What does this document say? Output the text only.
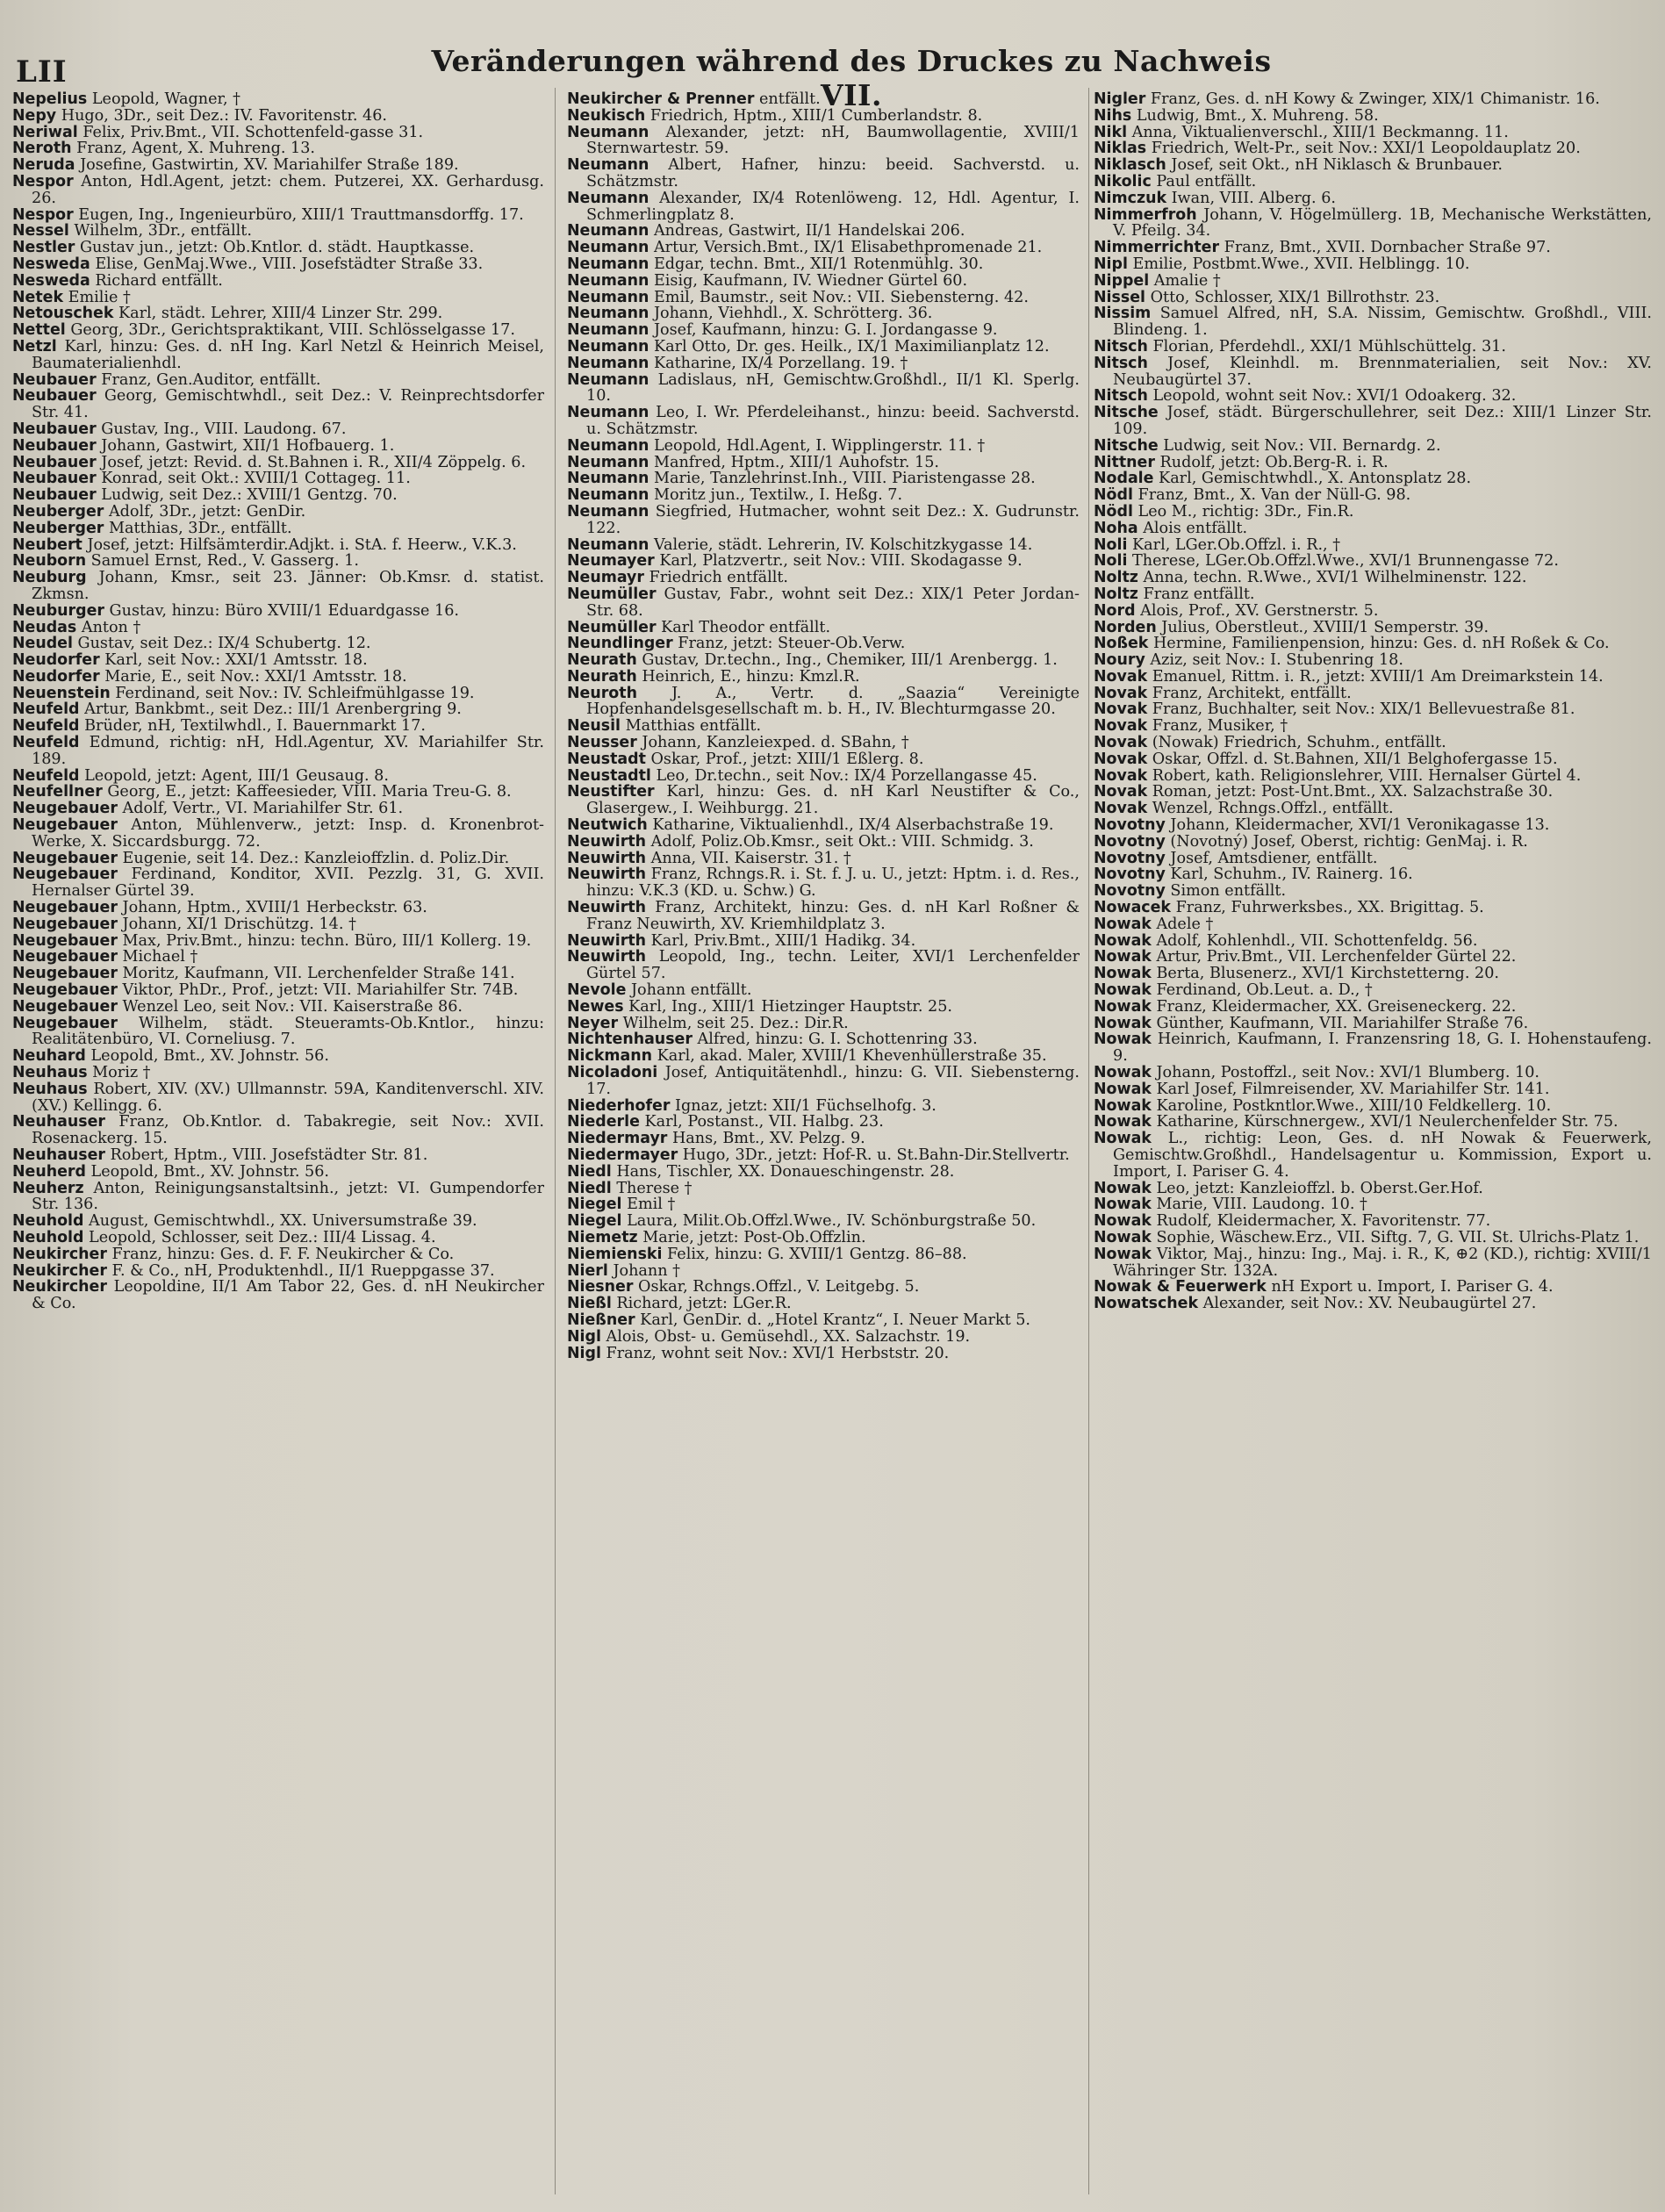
LII	Veränderungen während des Druckes zu Nachweis VII.

Nepelius Leopold, Wagner, †

Nepy Hugo, 3Dr., seit Dez.: IV. Favoritenstr. 46.

Neriwal Felix, Priv.Bmt., VII. Schottenfeld-gasse 31.

Neroth Franz, Agent, X. Muhreng. 13.

Neruda Josefine, Gastwirtin, XV. Mariahilfer Straße 189.

Nespor Anton, Hdl.Agent, jetzt: chem. Putzerei, XX. Gerhardusg. 26.

Nespor Eugen, Ing., Ingenieurbüro, XIII/1 Trauttmansdorffg. 17.

Nessel Wilhelm, 3Dr., entfällt.

Nestler Gustav jun., jetzt: Ob.Kntlor. d. städt. Hauptkasse.

Nesweda Elise, GenMaj.Wwe., VIII. Josefstädter Straße 33.

Nesweda Richard entfällt.

Netek Emilie †

Netouschek Karl, städt. Lehrer, XIII/4 Linzer Str. 299.

Nettel Georg, 3Dr., Gerichtspraktikant, VIII. Schlösselgasse 17.

Netzl Karl, hinzu: Ges. d. nH Ing. Karl Netzl & Heinrich Meisel, Baumaterialienhdl.

Neubauer Franz, Gen.Auditor, entfällt.

Neubauer Georg, Gemischtwhdl., seit Dez.: V. Reinprechtsdorfer Str. 41.

Neubauer Gustav, Ing., VIII. Laudong. 67.

Neubauer Johann, Gastwirt, XII/1 Hofbauerg. 1.

Neubauer Josef, jetzt: Revid. d. St.Bahnen i. R., XII/4 Zöppelg. 6.

Neubauer Konrad, seit Okt.: XVIII/1 Cottageg. 11.

Neubauer Ludwig, seit Dez.: XVIII/1 Gentzg. 70.

Neuberger Adolf, 3Dr., jetzt: GenDir.

Neuberger Matthias, 3Dr., entfällt.

Neubert Josef, jetzt: Hilfsämterdir.Adjkt. i. StA. f. Heerw., V.K.3.

Neuborn Samuel Ernst, Red., V. Gasserg. 1.

Neuburg Johann, Kmsr., seit 23. Jänner: Ob.Kmsr. d. statist. Zkmsn.

Neuburger Gustav, hinzu: Büro XVIII/1 Eduardgasse 16.

Neudas Anton †

Neudel Gustav, seit Dez.: IX/4 Schubertg. 12.

Neudorfer Karl, seit Nov.: XXI/1 Amtsstr. 18.

Neudorfer Marie, E., seit Nov.: XXI/1 Amtsstr. 18.

Neuenstein Ferdinand, seit Nov.: IV. Schleifmühlgasse 19.

Neufeld Artur, Bankbmt., seit Dez.: III/1 Arenbergring 9.

Neufeld Brüder, nH, Textilwhdl., I. Bauernmarkt 17.

Neufeld Edmund, richtig: nH, Hdl.Agentur, XV. Mariahilfer Str. 189.

Neufeld Leopold, jetzt: Agent, III/1 Geusaug. 8.

Neufellner Georg, E., jetzt: Kaffeesieder, VIII. Maria Treu-G. 8.

Neugebauer Adolf, Vertr., VI. Mariahilfer Str. 61.

Neugebauer Anton, Mühlenverw., jetzt: Insp. d. Kronenbrot-Werke, X. Siccardsburgg. 72.

Neugebauer Eugenie, seit 14. Dez.: Kanzleioffzlin. d. Poliz.Dir.

Neugebauer Ferdinand, Konditor, XVII. Pezzlg. 31, G. XVII. Hernalser Gürtel 39.

Neugebauer Johann, Hptm., XVIII/1 Herbeckstr. 63.

Neugebauer Johann, XI/1 Drischützg. 14. †

Neugebauer Max, Priv.Bmt., hinzu: techn. Büro, III/1 Kollerg. 19.

Neugebauer Michael †

Neugebauer Moritz, Kaufmann, VII. Lerchenfelder Straße 141.

Neugebauer Viktor, PhDr., Prof., jetzt: VII. Mariahilfer Str. 74B.

Neugebauer Wenzel Leo, seit Nov.: VII. Kaiserstraße 86.

Neugebauer Wilhelm, städt. Steueramts-Ob.Kntlor., hinzu: Realitätenbüro, VI. Corneliusg. 7.

Neuhard Leopold, Bmt., XV. Johnstr. 56.

Neuhaus Moriz †

Neuhaus Robert, XIV. (XV.) Ullmannstr. 59A, Kanditenverschl. XIV. (XV.) Kellingg. 6.

Neuhauser Franz, Ob.Kntlor. d. Tabakregie, seit Nov.: XVII. Rosenackerg. 15.

Neuhauser Robert, Hptm., VIII. Josefstädter Str. 81.

Neuherd Leopold, Bmt., XV. Johnstr. 56.

Neuherz Anton, Reinigungsanstaltsinh., jetzt: VI. Gumpendorfer Str. 136.

Neuhold August, Gemischtwhdl., XX. Universumstraße 39.

Neuhold Leopold, Schlosser, seit Dez.: III/4 Lissag. 4.

Neukircher Franz, hinzu: Ges. d. F. F. Neukircher & Co.

Neukircher F. & Co., nH, Produktenhdl., II/1 Rueppgasse 37.

Neukircher Leopoldine, II/1 Am Tabor 22, Ges. d. nH Neukircher & Co.

Neukircher & Prenner entfällt.

Neukisch Friedrich, Hptm., XIII/1 Cumberlandstr. 8.

Neumann Alexander, jetzt: nH, Baumwollagentie, XVIII/1 Sternwartestr. 59.

Neumann Albert, Hafner, hinzu: beeid. Sachverstd. u. Schätzmstr.

Neumann Alexander, IX/4 Rotenlöweng. 12, Hdl. Agentur, I. Schmerlingplatz 8.

Neumann Andreas, Gastwirt, II/1 Handelskai 206.

Neumann Artur, Versich.Bmt., IX/1 Elisabethpromenade 21.

Neumann Edgar, techn. Bmt., XII/1 Rotenmühlg. 30.

Neumann Eisig, Kaufmann, IV. Wiedner Gürtel 60.

Neumann Emil, Baumstr., seit Nov.: VII. Siebensterng. 42.

Neumann Johann, Viehhdl., X. Schrötterg. 36.

Neumann Josef, Kaufmann, hinzu: G. I. Jordangasse 9.

Neumann Karl Otto, Dr. ges. Heilk., IX/1 Maximilianplatz 12.

Neumann Katharine, IX/4 Porzellang. 19. †

Neumann Ladislaus, nH, Gemischtw.Großhdl., II/1 Kl. Sperlg. 10.

Neumann Leo, I. Wr. Pferdeleihanst., hinzu: beeid. Sachverstd. u. Schätzmstr.

Neumann Leopold, Hdl.Agent, I. Wipplingerstr. 11. †

Neumann Manfred, Hptm., XIII/1 Auhofstr. 15.

Neumann Marie, Tanzlehrinst.Inh., VIII. Piaristengasse 28.

Neumann Moritz jun., Textilw., I. Heßg. 7.

Neumann Siegfried, Hutmacher, wohnt seit Dez.: X. Gudrunstr. 122.

Neumann Valerie, städt. Lehrerin, IV. Kolschitzkygasse 14.

Neumayer Karl, Platzvertr., seit Nov.: VIII. Skodagasse 9.

Neumayr Friedrich entfällt.

Neumüller Gustav, Fabr., wohnt seit Dez.: XIX/1 Peter Jordan-Str. 68.

Neumüller Karl Theodor entfällt.

Neundlinger Franz, jetzt: Steuer-Ob.Verw.

Neurath Gustav, Dr.techn., Ing., Chemiker, III/1 Arenbergg. 1.

Neurath Heinrich, E., hinzu: Kmzl.R.

Neuroth J. A., Vertr. d. „Saazia“ Vereinigte Hopfenhandelsgesellschaft m. b. H., IV. Blechturmgasse 20.

Neusil Matthias entfällt.

Neusser Johann, Kanzleiexped. d. SBahn, †

Neustadt Oskar, Prof., jetzt: XIII/1 Eßlerg. 8.

Neustadtl Leo, Dr.techn., seit Nov.: IX/4 Porzellangasse 45.

Neustifter Karl, hinzu: Ges. d. nH Karl Neustifter & Co., Glasergew., I. Weihburgg. 21.

Neutwich Katharine, Viktualienhdl., IX/4 Alserbachstraße 19.

Neuwirth Adolf, Poliz.Ob.Kmsr., seit Okt.: VIII. Schmidg. 3.

Neuwirth Anna, VII. Kaiserstr. 31. †

Neuwirth Franz, Rchngs.R. i. St. f. J. u. U., jetzt: Hptm. i. d. Res., hinzu: V.K.3 (KD. u. Schw.) G.

Neuwirth Franz, Architekt, hinzu: Ges. d. nH Karl Roßner & Franz Neuwirth, XV. Kriemhildplatz 3.

Neuwirth Karl, Priv.Bmt., XIII/1 Hadikg. 34.

Neuwirth Leopold, Ing., techn. Leiter, XVI/1 Lerchenfelder Gürtel 57.

Nevole Johann entfällt.

Newes Karl, Ing., XIII/1 Hietzinger Hauptstr. 25.

Neyer Wilhelm, seit 25. Dez.: Dir.R.

Nichtenhauser Alfred, hinzu: G. I. Schottenring 33.

Nickmann Karl, akad. Maler, XVIII/1 Khevenhüllerstraße 35.

Nicoladoni Josef, Antiquitätenhdl., hinzu: G. VII. Siebensterng. 17.

Niederhofer Ignaz, jetzt: XII/1 Füchselhofg. 3.

Niederle Karl, Postanst., VII. Halbg. 23.

Niedermayr Hans, Bmt., XV. Pelzg. 9.

Niedermayer Hugo, 3Dr., jetzt: Hof-R. u. St.Bahn-Dir.Stellvertr.

Niedl Hans, Tischler, XX. Donaueschingenstr. 28.

Niedl Therese †

Niegel Emil †

Niegel Laura, Milit.Ob.Offzl.Wwe., IV. Schönburgstraße 50.

Niemetz Marie, jetzt: Post-Ob.Offzlin.

Niemienski Felix, hinzu: G. XVIII/1 Gentzg. 86–88.

Nierl Johann †

Niesner Oskar, Rchngs.Offzl., V. Leitgebg. 5.

Nießl Richard, jetzt: LGer.R.

Nießner Karl, GenDir. d. „Hotel Krantz“, I. Neuer Markt 5.

Nigl Alois, Obst- u. Gemüsehdl., XX. Salzachstr. 19.

Nigl Franz, wohnt seit Nov.: XVI/1 Herbststr. 20.

Nigler Franz, Ges. d. nH Kowy & Zwinger, XIX/1 Chimanistr. 16.

Nihs Ludwig, Bmt., X. Muhreng. 58.

Nikl Anna, Viktualienverschl., XIII/1 Beckmanng. 11.

Niklas Friedrich, Welt-Pr., seit Nov.: XXI/1 Leopoldauplatz 20.

Niklasch Josef, seit Okt., nH Niklasch & Brunbauer.

Nikolic Paul entfällt.

Nimczuk Iwan, VIII. Alberg. 6.

Nimmerfroh Johann, V. Högelmüllerg. 1B, Mechanische Werkstätten, V. Pfeilg. 34.

Nimmerrichter Franz, Bmt., XVII. Dornbacher Straße 97.

Nipl Emilie, Postbmt.Wwe., XVII. Helblingg. 10.

Nippel Amalie †

Nissel Otto, Schlosser, XIX/1 Billrothstr. 23.

Nissim Samuel Alfred, nH, S.A. Nissim, Gemischtw. Großhdl., VIII. Blindeng. 1.

Nitsch Florian, Pferdehdl., XXI/1 Mühlschüttelg. 31.

Nitsch Josef, Kleinhdl. m. Brennmaterialien, seit Nov.: XV. Neubaugürtel 37.

Nitsch Leopold, wohnt seit Nov.: XVI/1 Odoakerg. 32.

Nitsche Josef, städt. Bürgerschullehrer, seit Dez.: XIII/1 Linzer Str. 109.

Nitsche Ludwig, seit Nov.: VII. Bernardg. 2.

Nittner Rudolf, jetzt: Ob.Berg-R. i. R.

Nodale Karl, Gemischtwhdl., X. Antonsplatz 28.

Nödl Franz, Bmt., X. Van der Nüll-G. 98.

Nödl Leo M., richtig: 3Dr., Fin.R.

Noha Alois entfällt.

Noli Karl, LGer.Ob.Offzl. i. R., †

Noli Therese, LGer.Ob.Offzl.Wwe., XVI/1 Brunnengasse 72.

Noltz Anna, techn. R.Wwe., XVI/1 Wilhelminenstr. 122.

Noltz Franz entfällt.

Nord Alois, Prof., XV. Gerstnerstr. 5.

Norden Julius, Oberstleut., XVIII/1 Semperstr. 39.

Noßek Hermine, Familienpension, hinzu: Ges. d. nH Roßek & Co.

Noury Aziz, seit Nov.: I. Stubenring 18.

Novak Emanuel, Rittm. i. R., jetzt: XVIII/1 Am Dreimarkstein 14.

Novak Franz, Architekt, entfällt.

Novak Franz, Buchhalter, seit Nov.: XIX/1 Bellevuestraße 81.

Novak Franz, Musiker, †

Novak (Nowak) Friedrich, Schuhm., entfällt.

Novak Oskar, Offzl. d. St.Bahnen, XII/1 Belghofergasse 15.

Novak Robert, kath. Religionslehrer, VIII. Hernalser Gürtel 4.

Novak Roman, jetzt: Post-Unt.Bmt., XX. Salzachstraße 30.

Novak Wenzel, Rchngs.Offzl., entfällt.

Novotny Johann, Kleidermacher, XVI/1 Veronikagasse 13.

Novotny (Novotný) Josef, Oberst, richtig: GenMaj. i. R.

Novotny Josef, Amtsdiener, entfällt.

Novotny Karl, Schuhm., IV. Rainerg. 16.

Novotny Simon entfällt.

Nowacek Franz, Fuhrwerksbes., XX. Brigittag. 5.

Nowak Adele †

Nowak Adolf, Kohlenhdl., VII. Schottenfeldg. 56.

Nowak Artur, Priv.Bmt., VII. Lerchenfelder Gürtel 22.

Nowak Berta, Blusenerz., XVI/1 Kirchstetterng. 20.

Nowak Ferdinand, Ob.Leut. a. D., †

Nowak Franz, Kleidermacher, XX. Greiseneckerg. 22.

Nowak Günther, Kaufmann, VII. Mariahilfer Straße 76.

Nowak Heinrich, Kaufmann, I. Franzensring 18, G. I. Hohenstaufeng. 9.

Nowak Johann, Postoffzl., seit Nov.: XVI/1 Blumberg. 10.

Nowak Karl Josef, Filmreisender, XV. Mariahilfer Str. 141.

Nowak Karoline, Postkntlor.Wwe., XIII/10 Feldkellerg. 10.

Nowak Katharine, Kürschnergew., XVI/1 Neulerchenfelder Str. 75.

Nowak L., richtig: Leon, Ges. d. nH Nowak & Feuerwerk, Gemischtw.Großhdl., Handelsagentur u. Kommission, Export u. Import, I. Pariser G. 4.

Nowak Leo, jetzt: Kanzleioffzl. b. Oberst.Ger.Hof.

Nowak Marie, VIII. Laudong. 10. †

Nowak Rudolf, Kleidermacher, X. Favoritenstr. 77.

Nowak Sophie, Wäschew.Erz., VII. Siftg. 7, G. VII. St. Ulrichs-Platz 1.

Nowak Viktor, Maj., hinzu: Ing., Maj. i. R., K, ⊕2 (KD.), richtig: XVIII/1 Währinger Str. 132A.

Nowak & Feuerwerk nH Export u. Import, I. Pariser G. 4.

Nowatschek Alexander, seit Nov.: XV. Neubaugürtel 27.
